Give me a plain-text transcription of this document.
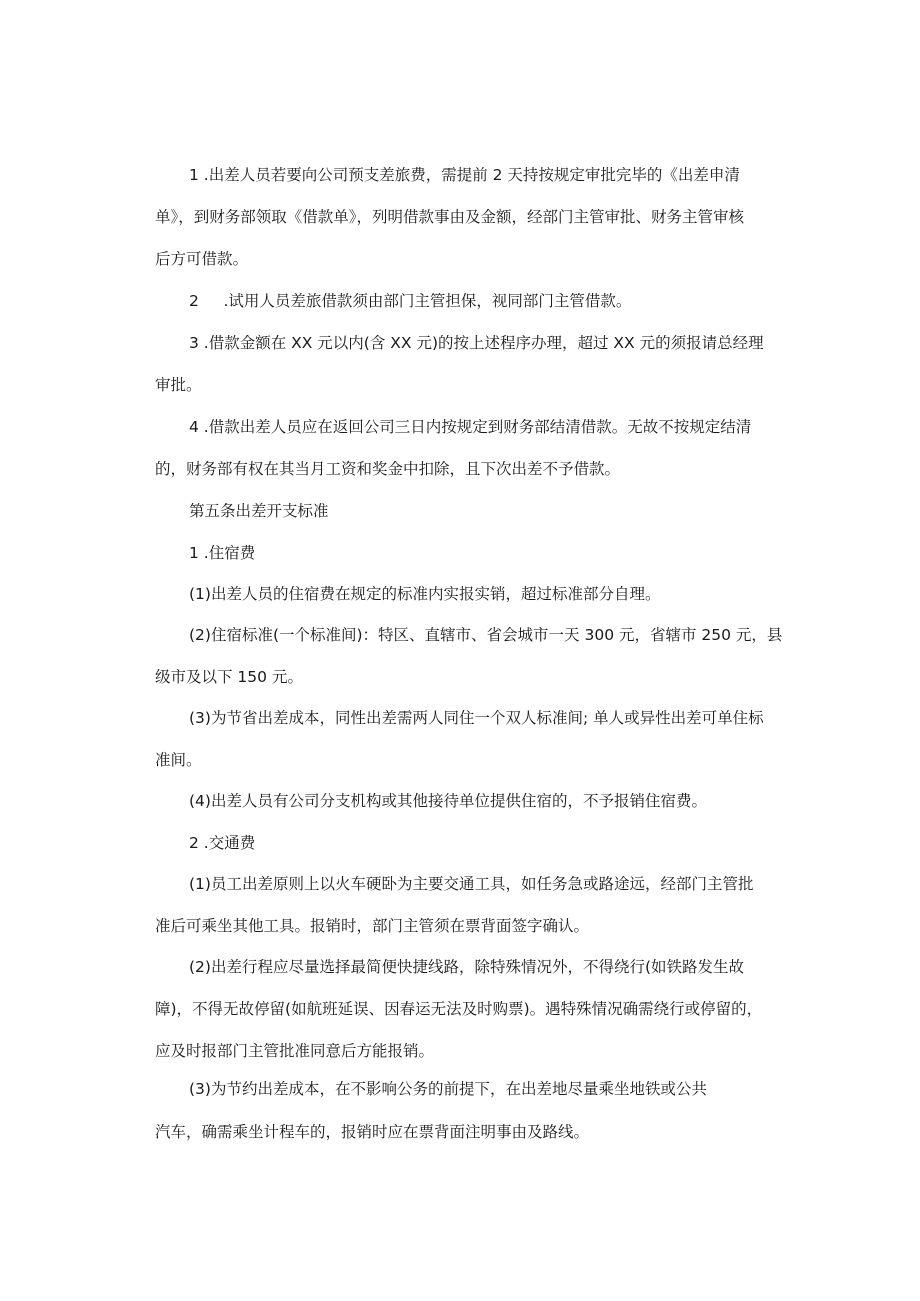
1 .出差人员若要向公司预支差旅费，需提前 2 天持按规定审批完毕的《出差申清
单》，到财务部领取《借款单》，列明借款事由及金额，经部门主管审批、财务主管审核
后方可借款。
2     .试用人员差旅借款须由部门主管担保，视同部门主管借款。
3 .借款金额在 XX 元以内(含 XX 元)的按上述程序办理，超过 XX 元的须报请总经理
审批。
4 .借款出差人员应在返回公司三日内按规定到财务部结清借款。无故不按规定结清
的，财务部有权在其当月工资和奖金中扣除，且下次出差不予借款。
第五条出差开支标准
1 .住宿费
(1)出差人员的住宿费在规定的标准内实报实销，超过标准部分自理。
(2)住宿标准(一个标准间)：特区、直辖市、省会城市一天 300 元，省辖市 250 元，县
级市及以下 150 元。
(3)为节省出差成本，同性出差需两人同住一个双人标准间; 单人或异性出差可单住标
准间。
(4)出差人员有公司分支机构或其他接待单位提供住宿的，不予报销住宿费。
2 .交通费
(1)员工出差原则上以火车硬卧为主要交通工具，如任务急或路途远，经部门主管批
准后可乘坐其他工具。报销时，部门主管须在票背面签字确认。
(2)出差行程应尽量选择最简便快捷线路，除特殊情况外，不得绕行(如铁路发生故
障)，不得无故停留(如航班延误、因春运无法及时购票)。遇特殊情况确需绕行或停留的，
应及时报部门主管批准同意后方能报销。
(3)为节约出差成本，在不影响公务的前提下，在出差地尽量乘坐地铁或公共
汽车，确需乘坐计程车的，报销时应在票背面注明事由及路线。
